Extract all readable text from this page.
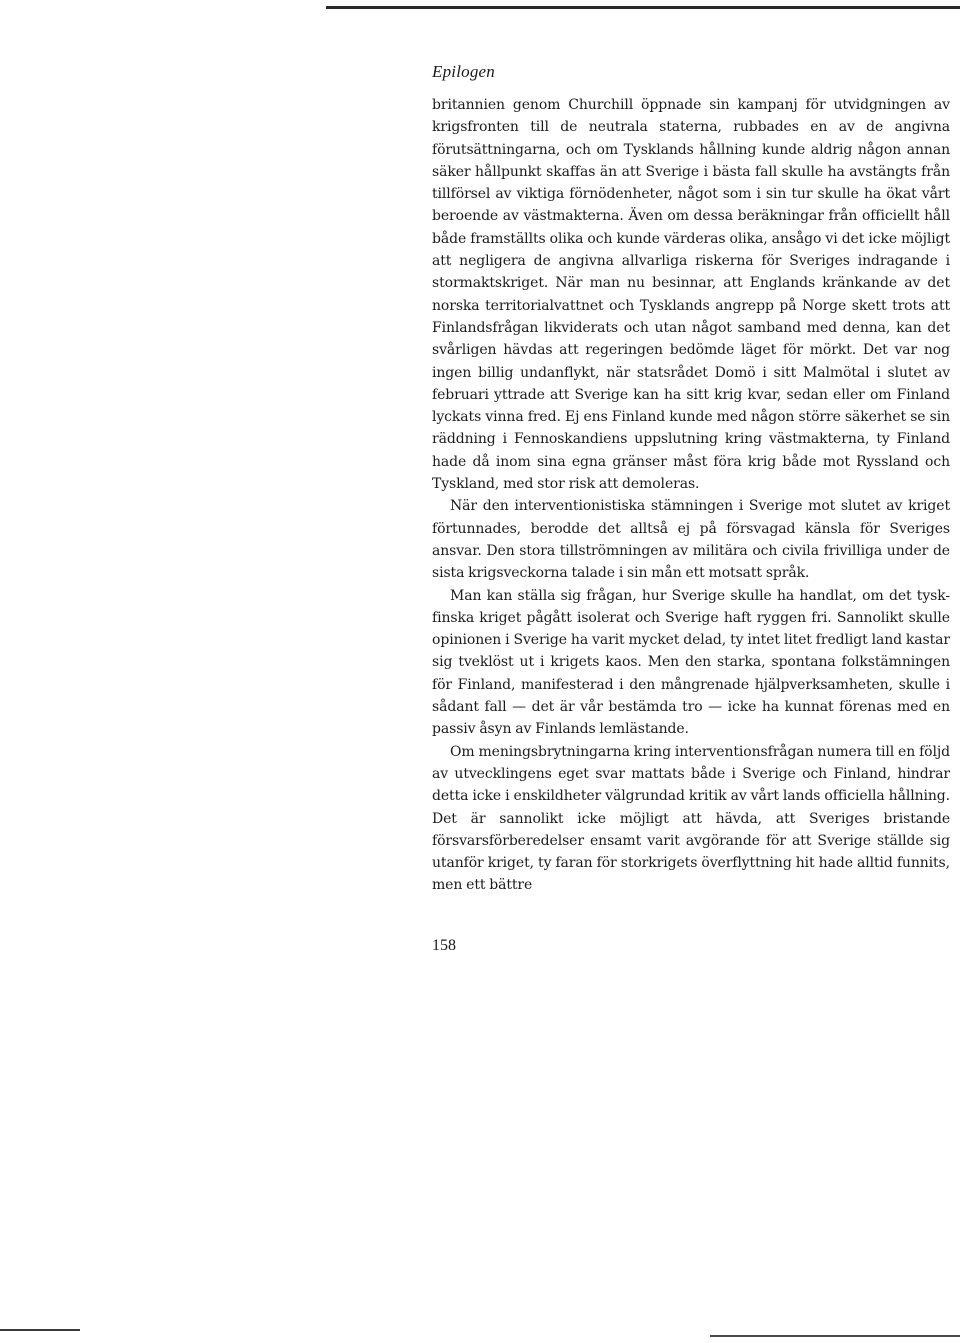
Epilogen

britannien genom Churchill öppnade sin kampanj för utvidgningen av krigsfronten till de neutrala staterna, rubbades en av de angivna förutsättningarna, och om Tysklands hållning kunde aldrig någon annan säker hållpunkt skaffas än att Sverige i bästa fall skulle ha avstängts från tillförsel av viktiga förnödenheter, något som i sin tur skulle ha ökat vårt beroende av västmakterna. Även om dessa beräkningar från officiellt håll både framställts olika och kunde värderas olika, ansågo vi det icke möjligt att negligera de angivna allvarliga riskerna för Sveriges indragande i stormaktskriget. När man nu besinnar, att Englands kränkande av det norska territorialvattnet och Tysklands angrepp på Norge skett trots att Finlandsfrågan likviderats och utan något samband med denna, kan det svårligen hävdas att regeringen bedömde läget för mörkt. Det var nog ingen billig undanflykt, när statsrådet Domö i sitt Malmötal i slutet av februari yttrade att Sverige kan ha sitt krig kvar, sedan eller om Finland lyckats vinna fred. Ej ens Finland kunde med någon större säkerhet se sin räddning i Fennoskandiens uppslutning kring västmakterna, ty Finland hade då inom sina egna gränser måst föra krig både mot Ryssland och Tyskland, med stor risk att demoleras.

När den interventionistiska stämningen i Sverige mot slutet av kriget förtunnades, berodde det alltså ej på försvagad känsla för Sveriges ansvar. Den stora tillströmningen av militära och civila frivilliga under de sista krigsveckorna talade i sin mån ett motsatt språk.

Man kan ställa sig frågan, hur Sverige skulle ha handlat, om det tysk-finska kriget pågått isolerat och Sverige haft ryggen fri. Sannolikt skulle opinionen i Sverige ha varit mycket delad, ty intet litet fredligt land kastar sig tveklöst ut i krigets kaos. Men den starka, spontana folkstämningen för Finland, manifesterad i den mångrenade hjälpverksamheten, skulle i sådant fall — det är vår bestämda tro — icke ha kunnat förenas med en passiv åsyn av Finlands lemlästande.

Om meningsbrytningarna kring interventionsfrågan numera till en följd av utvecklingens eget svar mattats både i Sverige och Finland, hindrar detta icke i enskildheter välgrundad kritik av vårt lands officiella hållning. Det är sannolikt icke möjligt att hävda, att Sveriges bristande försvarsförberedelser ensamt varit avgörande för att Sverige ställde sig utanför kriget, ty faran för storkrigets överflyttning hit hade alltid funnits, men ett bättre

158
